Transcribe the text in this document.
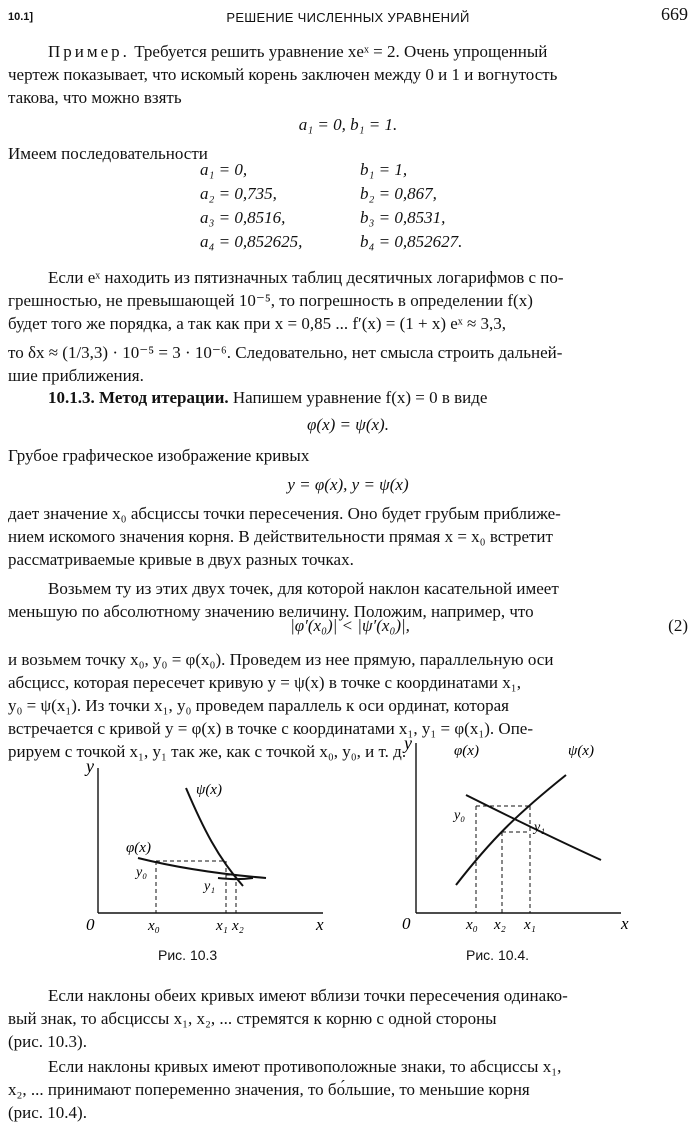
10.1]	РЕШЕНИЕ ЧИСЛЕННЫХ УРАВНЕНИЙ	669

Пример. Требуется решить уравнение xeˣ = 2. Очень упрощенный

чертеж показывает, что искомый корень заключен между 0 и 1 и вогнутость

такова, что можно взять

a₁ = 0, b₁ = 1.

Имеем последовательности

a₁ = 0,	b₁ = 1,
a₂ = 0,735,	b₂ = 0,867,
a₃ = 0,8516,	b₃ = 0,8531,
a₄ = 0,852625,	b₄ = 0,852627.

Если eˣ находить из пятизначных таблиц десятичных логарифмов с по-

грешностью, не превышающей 10⁻⁵, то погрешность в определении f(x)

будет того же порядка, а так как при x = 0,85 ... f′(x) = (1 + x) eˣ ≈ 3,3,

то δx ≈ (1/3,3) · 10⁻⁵ = 3 · 10⁻⁶. Следовательно, нет смысла строить дальней-

шие приближения.

10.1.3. Метод итерации. Напишем уравнение f(x) = 0 в виде

φ(x) = ψ(x).

Грубое графическое изображение кривых

y = φ(x), y = ψ(x)

дает значение x₀ абсциссы точки пересечения. Оно будет грубым приближе-

нием искомого значения корня. В действительности прямая x = x₀ встретит

рассматриваемые кривые в двух разных точках.

Возьмем ту из этих двух точек, для которой наклон касательной имеет

меньшую по абсолютному значению величину. Положим, например, что

|φ′(x₀)| < |ψ′(x₀)|,	(2)

и возьмем точку x₀, y₀ = φ(x₀). Проведем из нее прямую, параллельную оси

абсцисс, которая пересечет кривую y = ψ(x) в точке с координатами x₁,

y₀ = ψ(x₁). Из точки x₁, y₀ проведем параллель к оси ординат, которая

встречается с кривой y = φ(x) в точке с координатами x₁, y₁ = φ(x₁). Опе-

рируем с точкой x₁, y₁ так же, как с точкой x₀, y₀, и т. д.

y
0	x
ψ(x)
φ(x)
y₀
y₁
x₀	x₁ x₂
Рис. 10.3
y
0	x
φ(x)	ψ(x)
y₀
y₁
x₀ x₂ x₁
Рис. 10.4.

Если наклоны обеих кривых имеют вблизи точки пересечения одинако-

вый знак, то абсциссы x₁, x₂, ... стремятся к корню с одной стороны

(рис. 10.3).

Если наклоны кривых имеют противоположные знаки, то абсциссы x₁,

x₂, ... принимают попеременно значения, то бо́льшие, то меньшие корня

(рис. 10.4).
